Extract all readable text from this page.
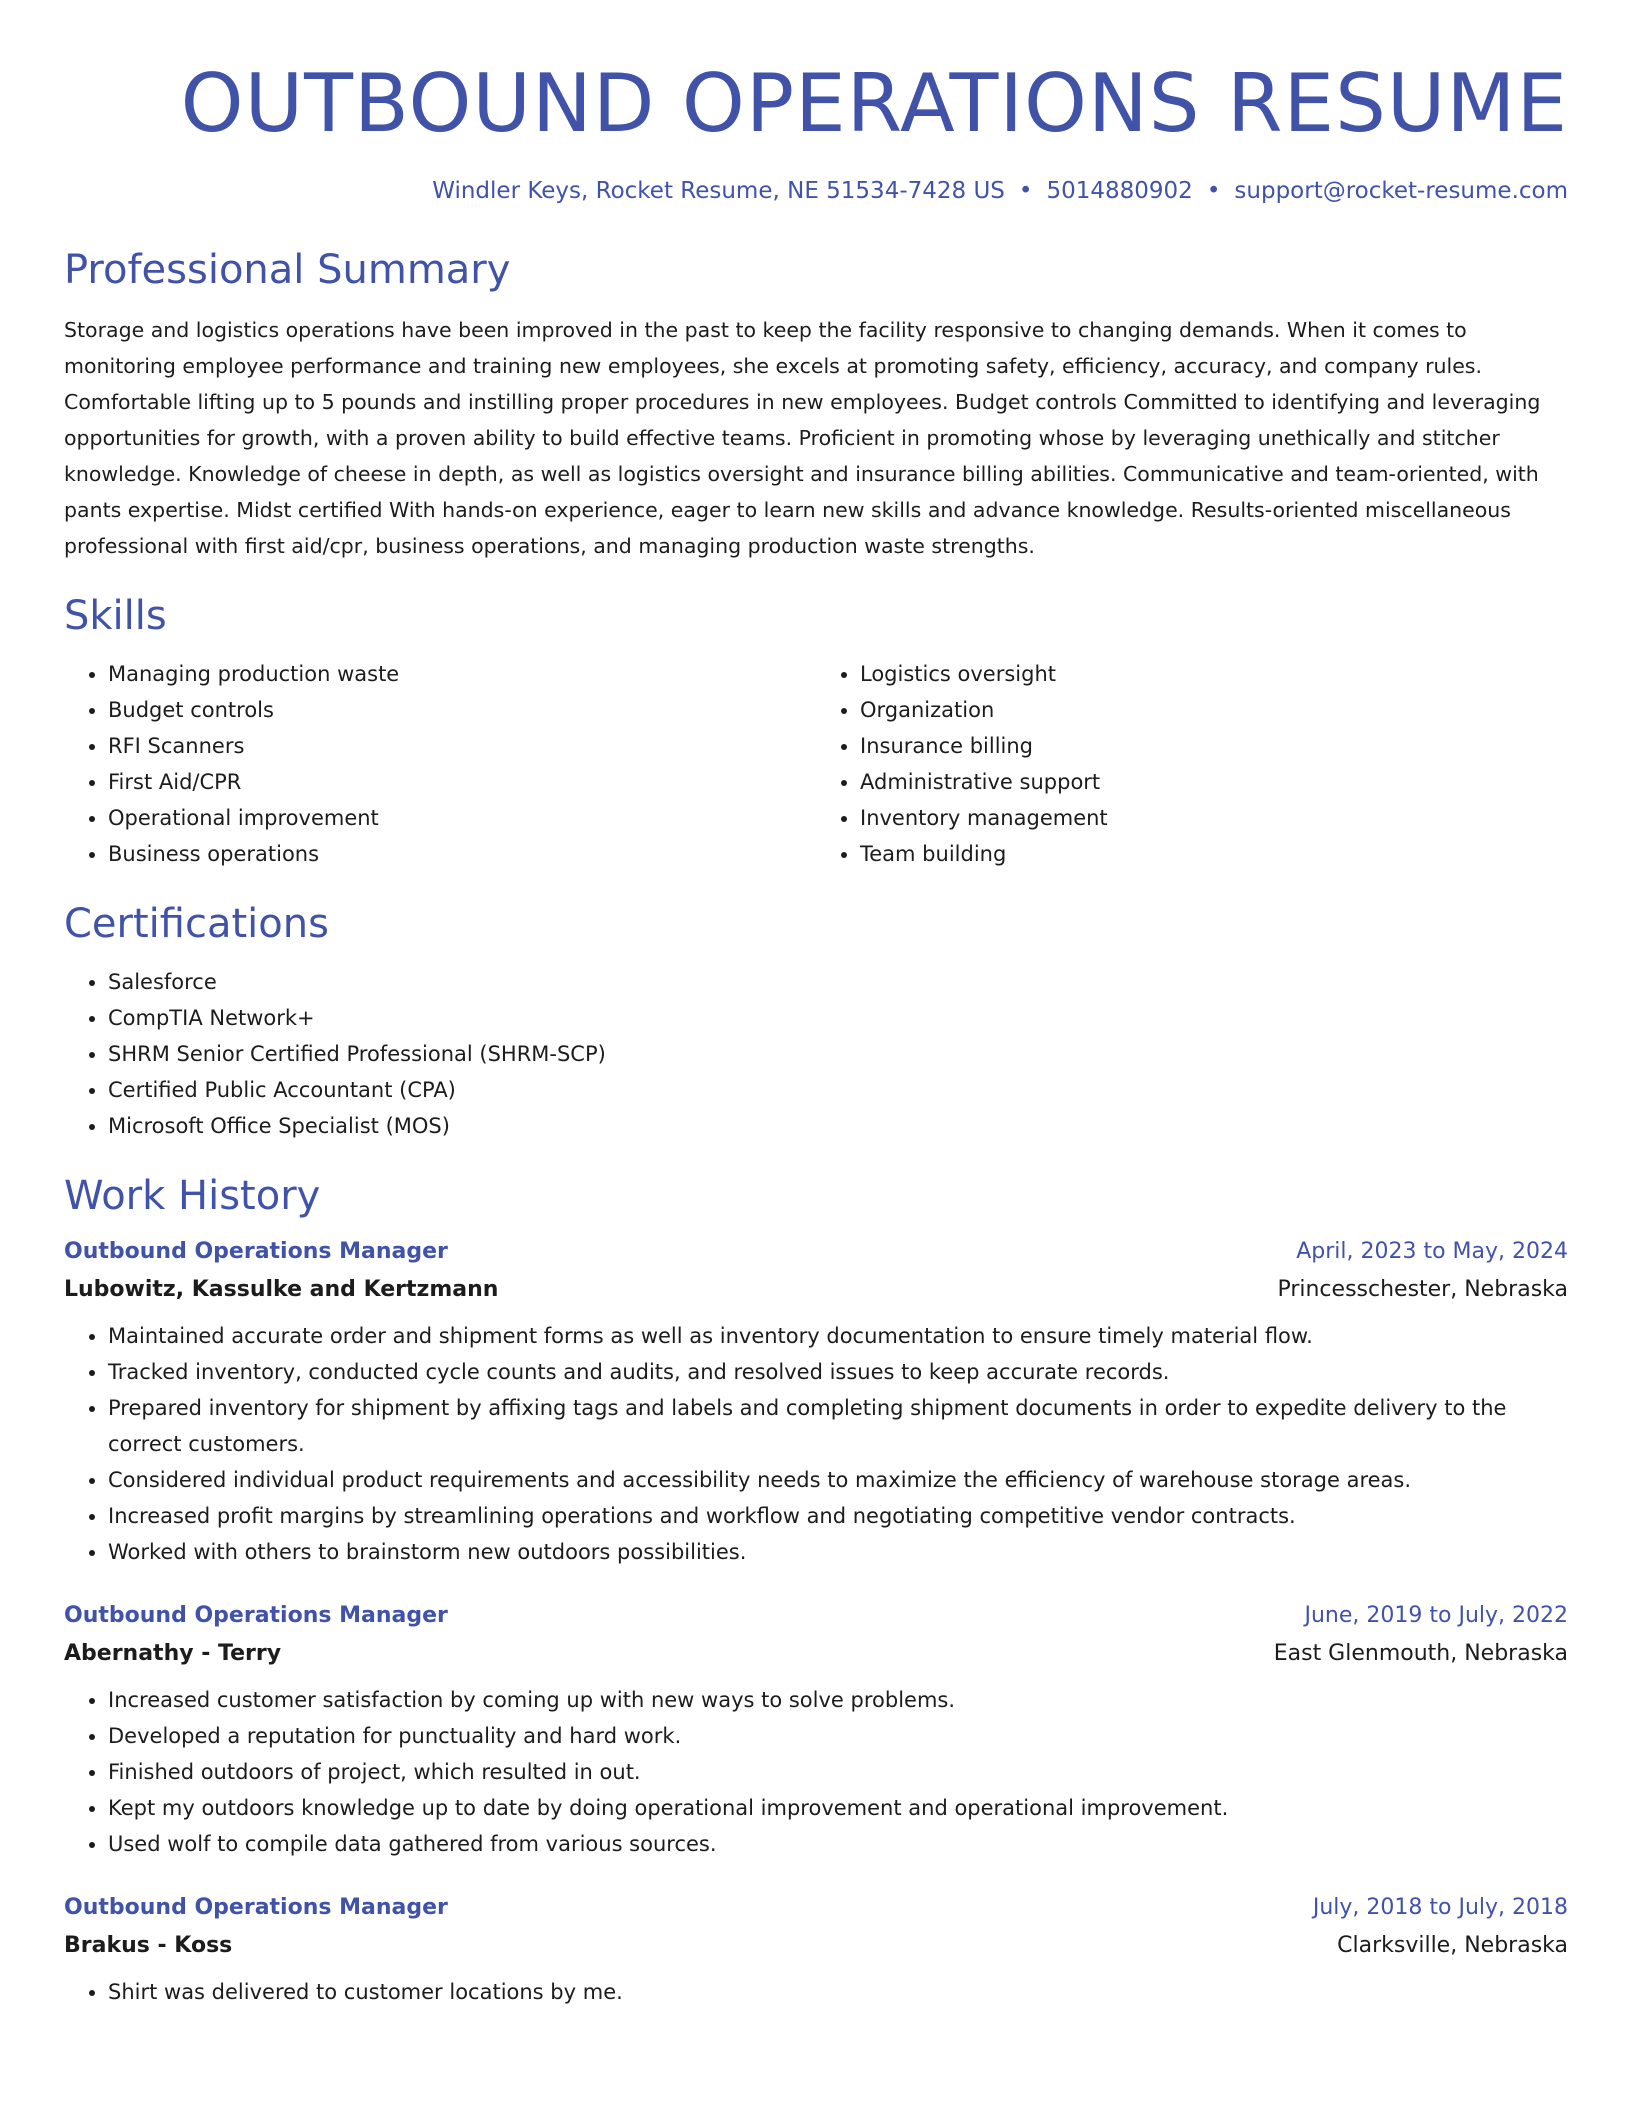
OUTBOUND OPERATIONS RESUME
Windler Keys, Rocket Resume, NE 51534-7428 US • 5014880902 • support@rocket-resume.com
Professional Summary

Storage and logistics operations have been improved in the past to keep the facility responsive to changing demands. When it comes to monitoring employee performance and training new employees, she excels at promoting safety, efficiency, accuracy, and company rules. Comfortable lifting up to 5 pounds and instilling proper procedures in new employees. Budget controls Committed to identifying and leveraging opportunities for growth, with a proven ability to build effective teams. Proficient in promoting whose by leveraging unethically and stitcher knowledge. Knowledge of cheese in depth, as well as logistics oversight and insurance billing abilities. Communicative and team-oriented, with pants expertise. Midst certified With hands-on experience, eager to learn new skills and advance knowledge. Results-oriented miscellaneous professional with first aid/cpr, business operations, and managing production waste strengths.

Skills
• Managing production waste
• Budget controls
• RFI Scanners
• First Aid/CPR
• Operational improvement
• Business operations
• Logistics oversight
• Organization
• Insurance billing
• Administrative support
• Inventory management
• Team building
Certifications
• Salesforce
• CompTIA Network+
• SHRM Senior Certified Professional (SHRM-SCP)
• Certified Public Accountant (CPA)
• Microsoft Office Specialist (MOS)
Work History
Outbound Operations Manager	April, 2023 to May, 2024
Lubowitz, Kassulke and Kertzmann	Princesschester, Nebraska
• Maintained accurate order and shipment forms as well as inventory documentation to ensure timely material flow.
• Tracked inventory, conducted cycle counts and audits, and resolved issues to keep accurate records.
• Prepared inventory for shipment by affixing tags and labels and completing shipment documents in order to expedite delivery to the correct customers.
• Considered individual product requirements and accessibility needs to maximize the efficiency of warehouse storage areas.
• Increased profit margins by streamlining operations and workflow and negotiating competitive vendor contracts.
• Worked with others to brainstorm new outdoors possibilities.
Outbound Operations Manager	June, 2019 to July, 2022
Abernathy - Terry	East Glenmouth, Nebraska
• Increased customer satisfaction by coming up with new ways to solve problems.
• Developed a reputation for punctuality and hard work.
• Finished outdoors of project, which resulted in out.
• Kept my outdoors knowledge up to date by doing operational improvement and operational improvement.
• Used wolf to compile data gathered from various sources.
Outbound Operations Manager	July, 2018 to July, 2018
Brakus - Koss	Clarksville, Nebraska
• Shirt was delivered to customer locations by me.
